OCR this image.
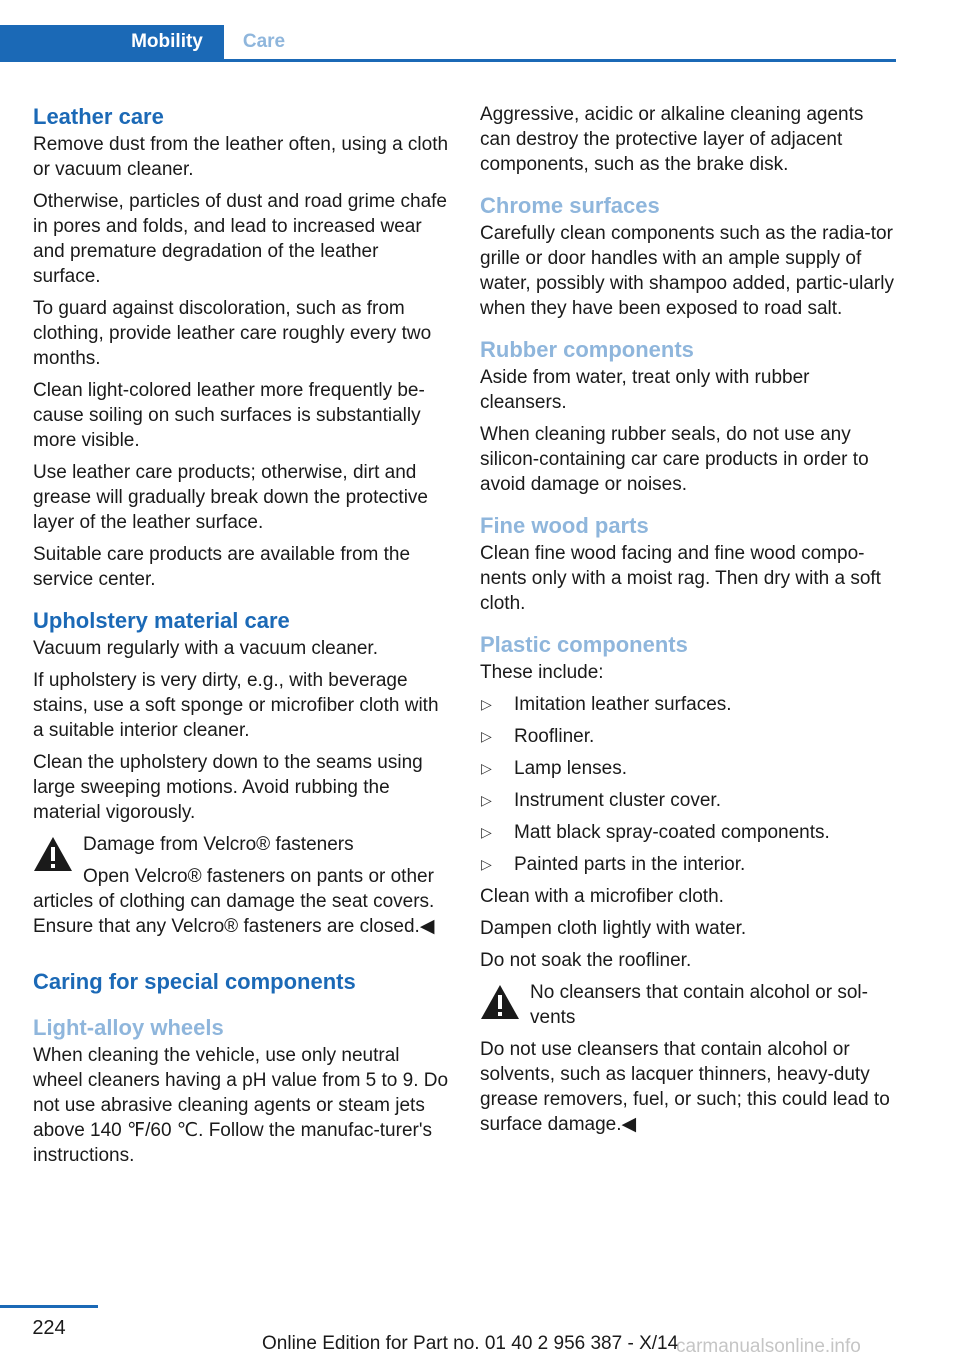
Mobility	Care
Leather care

Remove dust from the leather often, using a cloth or vacuum cleaner.

Otherwise, particles of dust and road grime chafe in pores and folds, and lead to increased wear and premature degradation of the leather surface.

To guard against discoloration, such as from clothing, provide leather care roughly every two months.

Clean light-colored leather more frequently be‐cause soiling on such surfaces is substantially more visible.

Use leather care products; otherwise, dirt and grease will gradually break down the protective layer of the leather surface.

Suitable care products are available from the service center.

Upholstery material care

Vacuum regularly with a vacuum cleaner.

If upholstery is very dirty, e.g., with beverage stains, use a soft sponge or microfiber cloth with a suitable interior cleaner.

Clean the upholstery down to the seams using large sweeping motions. Avoid rubbing the material vigorously.

Damage from Velcro® fasteners
Open Velcro® fasteners on pants or other articles of clothing can damage the seat covers. Ensure that any Velcro® fasteners are closed.◀
Caring for special components
Light-alloy wheels

When cleaning the vehicle, use only neutral wheel cleaners having a pH value from 5 to 9. Do not use abrasive cleaning agents or steam jets above 140 ℉/60 ℃. Follow the manufac‐turer's instructions.

Aggressive, acidic or alkaline cleaning agents can destroy the protective layer of adjacent components, such as the brake disk.

Chrome surfaces

Carefully clean components such as the radia‐tor grille or door handles with an ample supply of water, possibly with shampoo added, partic‐ularly when they have been exposed to road salt.

Rubber components

Aside from water, treat only with rubber cleansers.

When cleaning rubber seals, do not use any silicon-containing car care products in order to avoid damage or noises.

Fine wood parts

Clean fine wood facing and fine wood compo‐nents only with a moist rag. Then dry with a soft cloth.

Plastic components

These include:

▷ Imitation leather surfaces.
▷ Roofliner.
▷ Lamp lenses.
▷ Instrument cluster cover.
▷ Matt black spray-coated components.
▷ Painted parts in the interior.

Clean with a microfiber cloth.

Dampen cloth lightly with water.

Do not soak the roofliner.

No cleansers that contain alcohol or sol‐vents

Do not use cleansers that contain alcohol or solvents, such as lacquer thinners, heavy-duty grease removers, fuel, or such; this could lead to surface damage.◀

224
Online Edition for Part no. 01 40 2 956 387 - X/14
carmanualsonline.info
